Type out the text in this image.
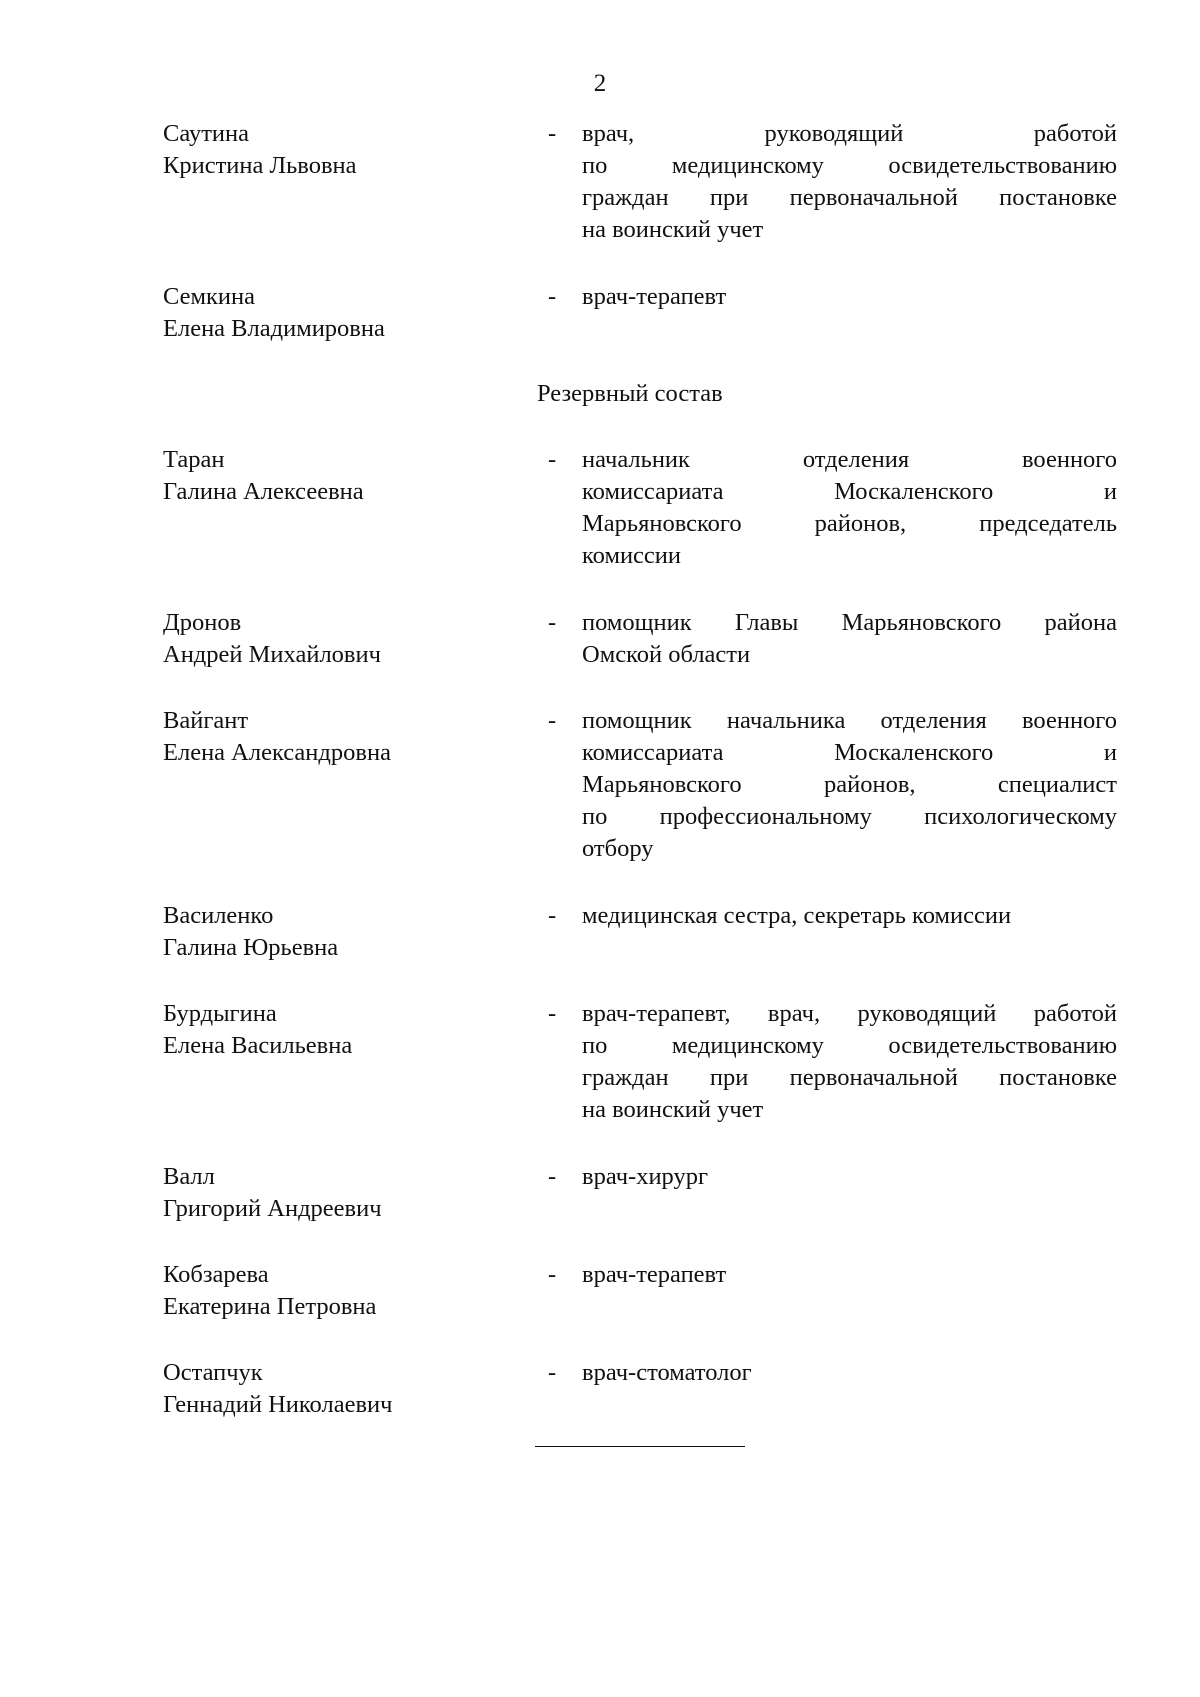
2
Саутина
Кристина Львовна
- врач, руководящий работой
по медицинскому освидетельствованию
граждан при первоначальной постановке
на воинский учет
Семкина
Елена Владимировна
- врач-терапевт
Резервный состав
Таран
Галина Алексеевна
- начальник отделения военного
комиссариата Москаленского и
Марьяновского районов, председатель
комиссии
Дронов
Андрей Михайлович
- помощник Главы Марьяновского района
Омской области
Вайгант
Елена Александровна
- помощник начальника отделения военного
комиссариата Москаленского и
Марьяновского районов, специалист
по профессиональному психологическому
отбору
Василенко
Галина Юрьевна
- медицинская сестра, секретарь комиссии
Бурдыгина
Елена Васильевна
- врач-терапевт, врач, руководящий работой
по медицинскому освидетельствованию
граждан при первоначальной постановке
на воинский учет
Валл
Григорий Андреевич
- врач-хирург
Кобзарева
Екатерина Петровна
- врач-терапевт
Остапчук
Геннадий Николаевич
- врач-стоматолог
